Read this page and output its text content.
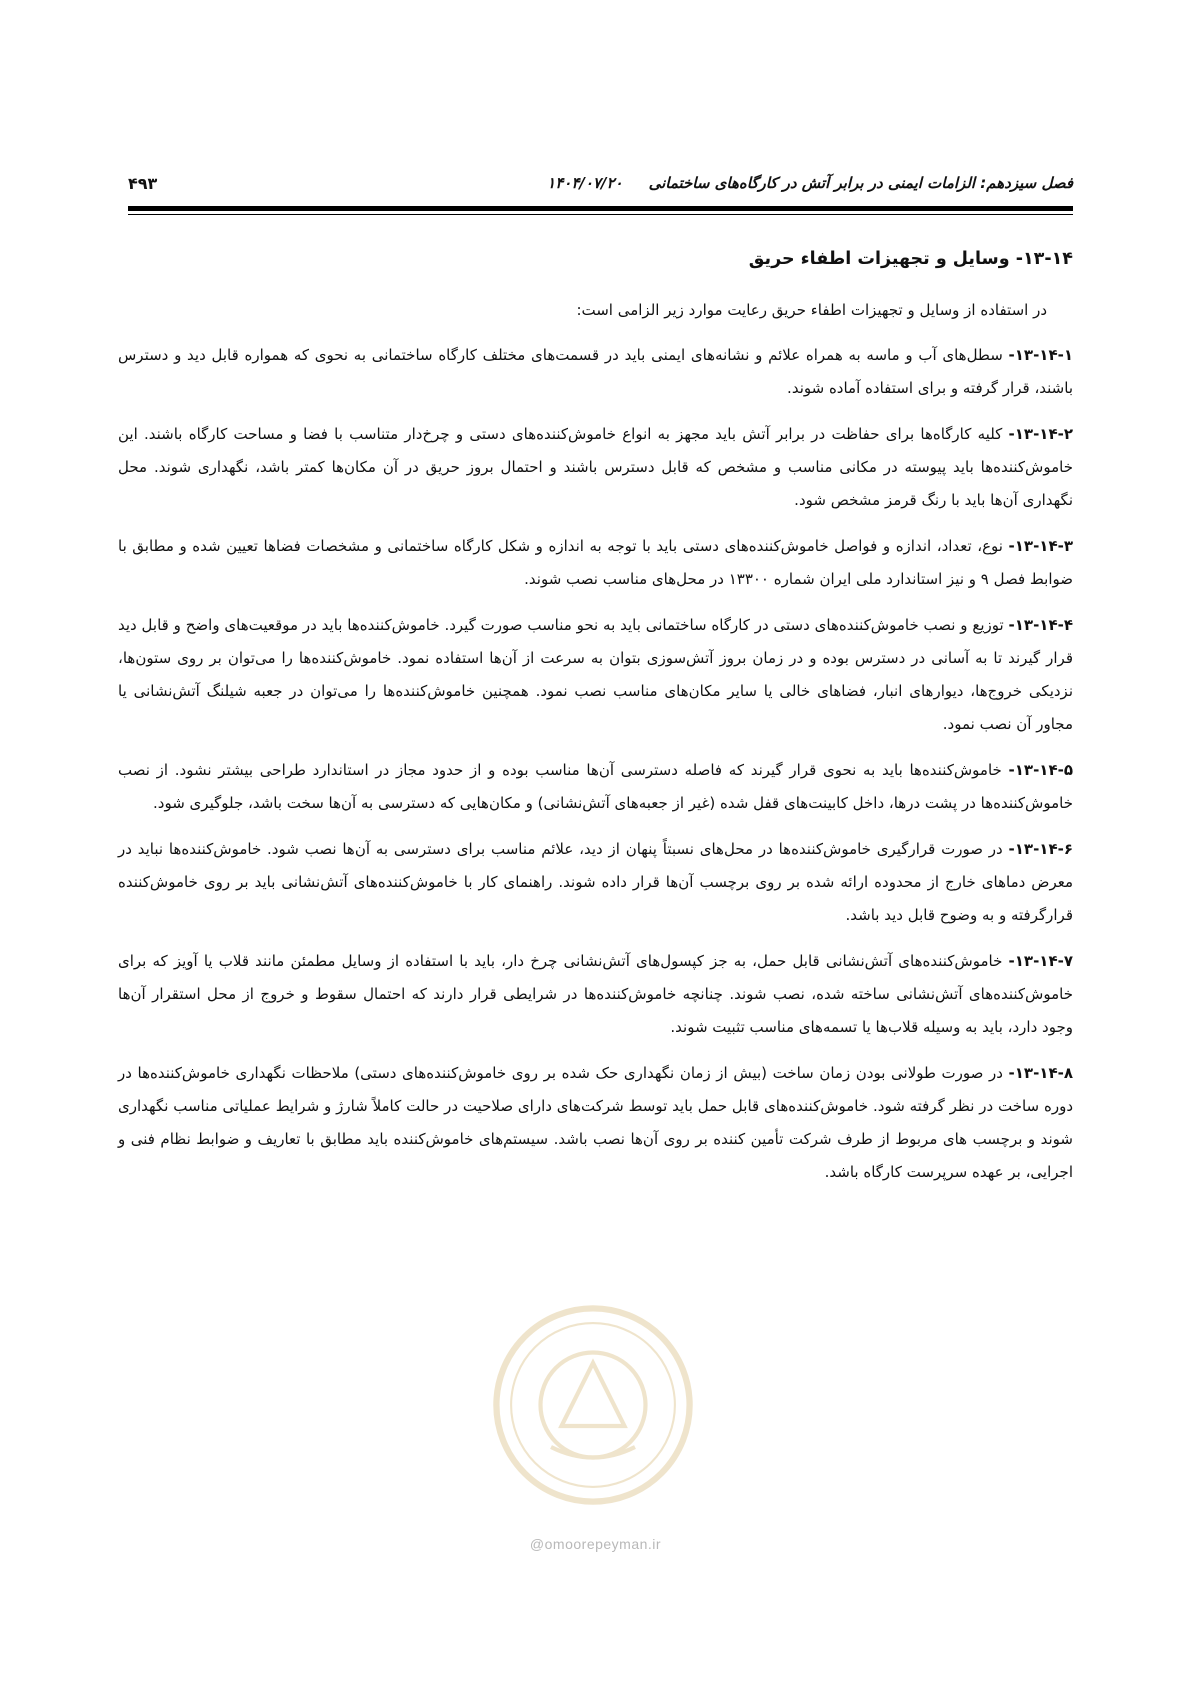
فصل سیزدهم: الزامات ایمنی در برابر آتش در کارگاه‌های ساختمانی
۱۴۰۴/۰۷/۲۰
۴۹۳
۱۳-۱۴- وسایل و تجهیزات اطفاء حریق

در استفاده از وسایل و تجهیزات اطفاء حریق رعایت موارد زیر الزامی است:

۱۳-۱۴-۱- سطل‌های آب و ماسه به همراه علائم و نشانه‌های ایمنی باید در قسمت‌های مختلف کارگاه ساختمانی به نحوی که همواره قابل دید و دسترس باشند، قرار گرفته و برای استفاده آماده شوند.

۱۳-۱۴-۲- کلیه کارگاه‌ها برای حفاظت در برابر آتش باید مجهز به انواع خاموش‌کننده‌های دستی و چرخ‌دار متناسب با فضا و مساحت کارگاه باشند. این خاموش‌کننده‌ها باید پیوسته در مکانی مناسب و مشخص که قابل دسترس باشند و احتمال بروز حریق در آن مکان‌ها کمتر باشد، نگهداری شوند. محل نگهداری آن‌ها باید با رنگ قرمز مشخص شود.

۱۳-۱۴-۳- نوع، تعداد، اندازه و فواصل خاموش‌کننده‌های دستی باید با توجه به اندازه و شکل کارگاه ساختمانی و مشخصات فضاها تعیین شده و مطابق با ضوابط فصل ۹ و نیز استاندارد ملی ایران شماره ۱۳۳۰۰ در محل‌های مناسب نصب شوند.

۱۳-۱۴-۴- توزیع و نصب خاموش‌کننده‌های دستی در کارگاه ساختمانی باید به نحو مناسب صورت گیرد. خاموش‌کننده‌ها باید در موقعیت‌های واضح و قابل دید قرار گیرند تا به آسانی در دسترس بوده و در زمان بروز آتش‌سوزی بتوان به سرعت از آن‌ها استفاده نمود. خاموش‌کننده‌ها را می‌توان بر روی ستون‌ها، نزدیکی خروج‌ها، دیوارهای انبار، فضاهای خالی یا سایر مکان‌های مناسب نصب نمود. همچنین خاموش‌کننده‌ها را می‌توان در جعبه شیلنگ آتش‌نشانی یا مجاور آن نصب نمود.

۱۳-۱۴-۵- خاموش‌کننده‌ها باید به نحوی قرار گیرند که فاصله دسترسی آن‌ها مناسب بوده و از حدود مجاز در استاندارد طراحی بیشتر نشود. از نصب خاموش‌کننده‌ها در پشت درها، داخل کابینت‌های قفل شده (غیر از جعبه‌های آتش‌نشانی) و مکان‌هایی که دسترسی به آن‌ها سخت باشد، جلوگیری شود.

۱۳-۱۴-۶- در صورت قرارگیری خاموش‌کننده‌ها در محل‌های نسبتاً پنهان از دید، علائم مناسب برای دسترسی به آن‌ها نصب شود. خاموش‌کننده‌ها نباید در معرض دماهای خارج از محدوده ارائه شده بر روی برچسب آن‌ها قرار داده شوند. راهنمای کار با خاموش‌کننده‌های آتش‌نشانی باید بر روی خاموش‌کننده قرارگرفته و به وضوح قابل دید باشد.

۱۳-۱۴-۷- خاموش‌کننده‌های آتش‌نشانی قابل حمل، به جز کپسول‌های آتش‌نشانی چرخ دار، باید با استفاده از وسایل مطمئن مانند قلاب یا آویز که برای خاموش‌کننده‌های آتش‌نشانی ساخته شده، نصب شوند. چنانچه خاموش‌کننده‌ها در شرایطی قرار دارند که احتمال سقوط و خروج از محل استقرار آن‌ها وجود دارد، باید به وسیله قلاب‌ها یا تسمه‌های مناسب تثبیت شوند.

۱۳-۱۴-۸- در صورت طولانی بودن زمان ساخت (بیش از زمان نگهداری حک شده بر روی خاموش‌کننده‌های دستی) ملاحظات نگهداری خاموش‌کننده‌ها در دوره ساخت در نظر گرفته شود. خاموش‌کننده‌های قابل حمل باید توسط شرکت‌های دارای صلاحیت در حالت کاملاً شارژ و شرایط عملیاتی مناسب نگهداری شوند و برچسب های مربوط از طرف شرکت تأمین کننده بر روی آن‌ها نصب باشد. سیستم‌های خاموش‌کننده باید مطابق با تعاریف و ضوابط نظام فنی و اجرایی، بر عهده سرپرست کارگاه باشد.

@omoorepeyman.ir
